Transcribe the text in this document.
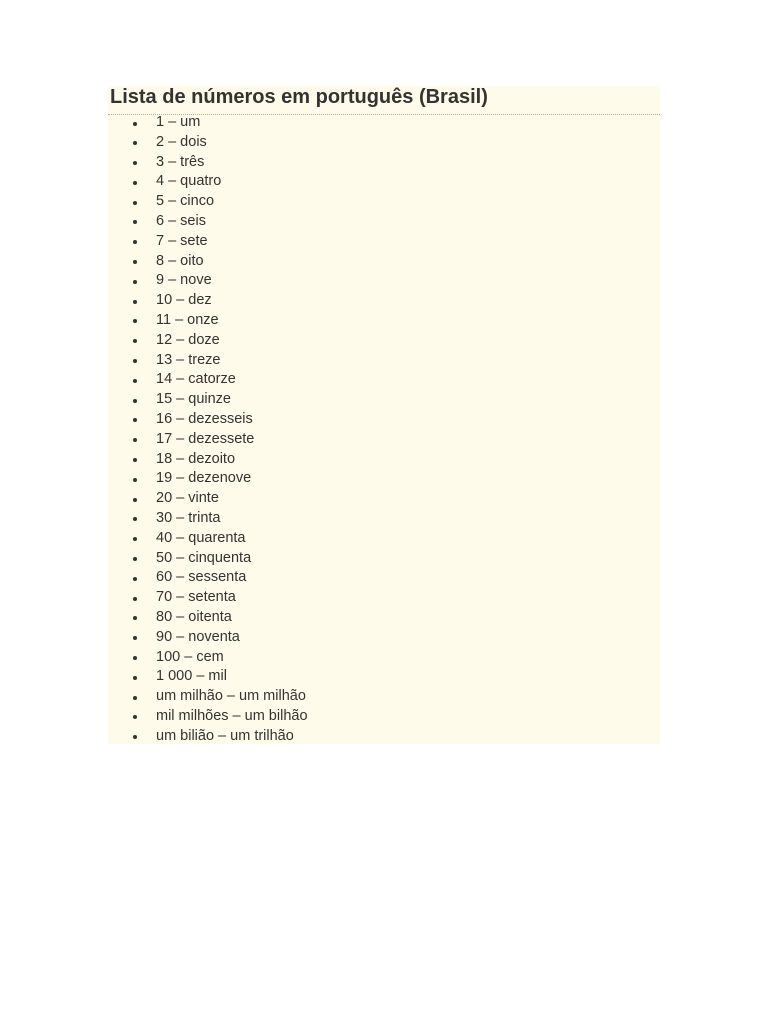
Lista de números em português (Brasil)
1 – um
2 – dois
3 – três
4 – quatro
5 – cinco
6 – seis
7 – sete
8 – oito
9 – nove
10 – dez
11 – onze
12 – doze
13 – treze
14 – catorze
15 – quinze
16 – dezesseis
17 – dezessete
18 – dezoito
19 – dezenove
20 – vinte
30 – trinta
40 – quarenta
50 – cinquenta
60 – sessenta
70 – setenta
80 – oitenta
90 – noventa
100 – cem
1 000 – mil
um milhão – um milhão
mil milhões – um bilhão
um bilião – um trilhão
